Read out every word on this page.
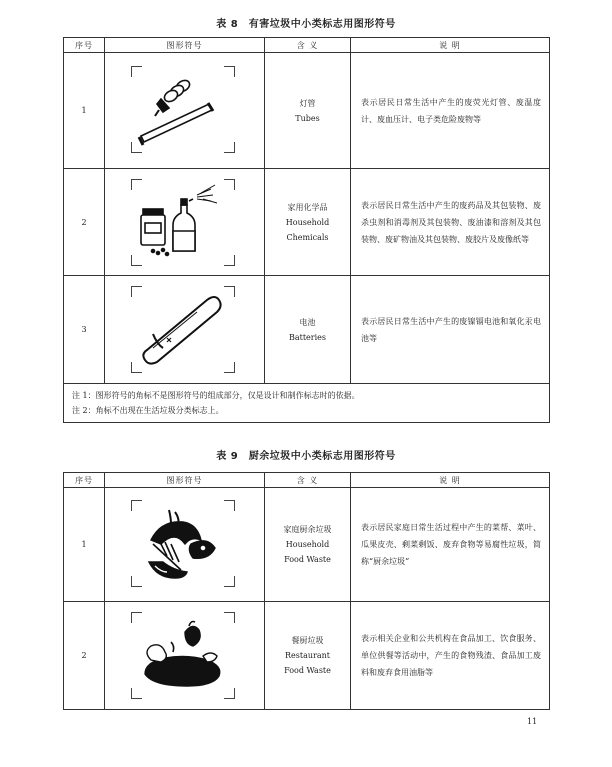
表 8　有害垃圾中小类标志用图形符号
序号	图形符号	含 义	说 明
1		灯管
Tubes	表示居民日常生活中产生的废荧光灯管、废温度计、废血压计、电子类危险废物等
2		家用化学品
Household
Chemicals	表示居民日常生活中产生的废药品及其包装物、废杀虫剂和消毒剂及其包装物、废油漆和溶剂及其包装物、废矿物油及其包装物、废胶片及废像纸等
3		电池
Batteries	表示居民日常生活中产生的废镍镉电池和氧化汞电池等

注 1：图形符号的角标不是图形符号的组成部分，仅是设计和制作标志时的依据。
注 2：角标不出现在生活垃圾分类标志上。			
表 9　厨余垃圾中小类标志用图形符号
序号	图形符号	含 义	说 明
1		家庭厨余垃圾
Household
Food Waste	表示居民家庭日常生活过程中产生的菜帮、菜叶、瓜果皮壳、剩菜剩饭、废弃食物等易腐性垃圾，简称“厨余垃圾”
2		餐厨垃圾
Restaurant
Food Waste	表示相关企业和公共机构在食品加工、饮食服务、单位供餐等活动中，产生的食物残渣、食品加工废料和废弃食用油脂等
11
